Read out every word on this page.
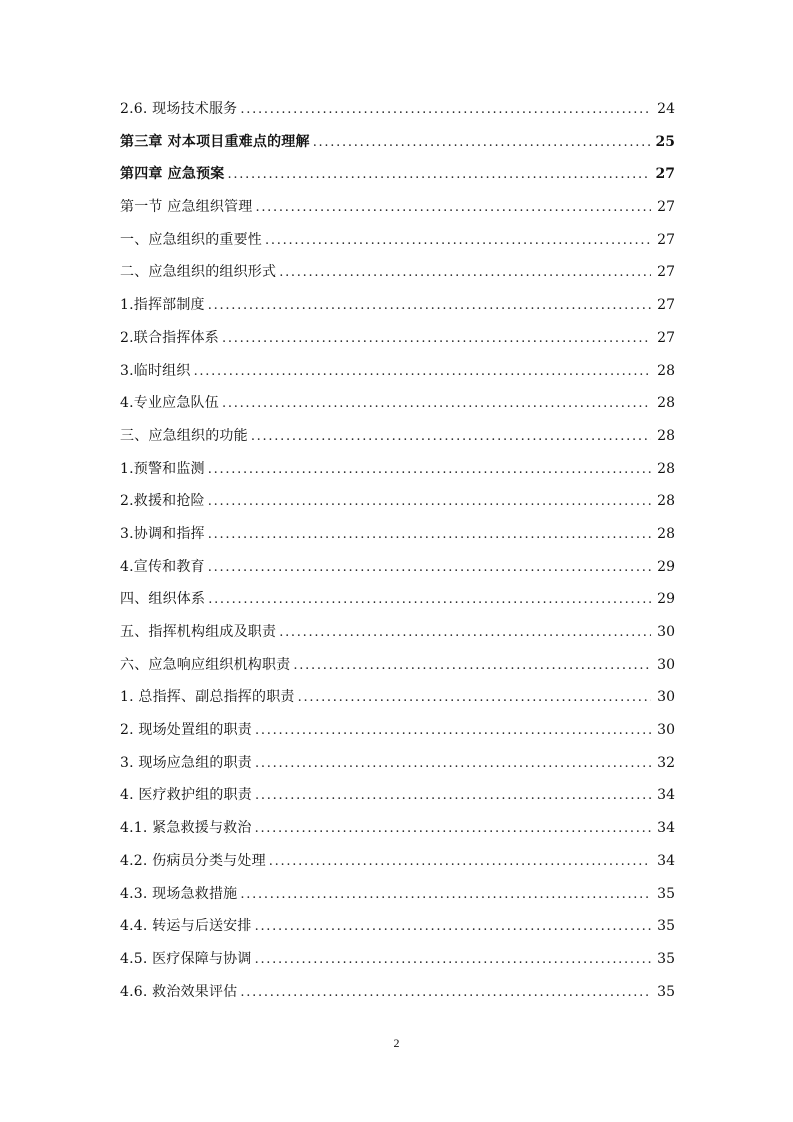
2.6. 现场技术服务 . . .	24
第三章 对本项目重难点的理解 . . .	25
第四章 应急预案 . . .	27
第一节 应急组织管理 . . .	27
一、应急组织的重要性 . . .	27
二、应急组织的组织形式 . . .	27
1.指挥部制度 . . .	27
2.联合指挥体系 . . .	27
3.临时组织 . . .	28
4.专业应急队伍 . . .	28
三、应急组织的功能 . . .	28
1.预警和监测 . . .	28
2.救援和抢险 . . .	28
3.协调和指挥 . . .	28
4.宣传和教育 . . .	29
四、组织体系 . . .	29
五、指挥机构组成及职责 . . .	30
六、应急响应组织机构职责 . . .	30
1. 总指挥、副总指挥的职责 . . .	30
2. 现场处置组的职责 . . .	30
3. 现场应急组的职责 . . .	32
4. 医疗救护组的职责 . . .	34
4.1. 紧急救援与救治 . . .	34
4.2. 伤病员分类与处理 . . .	34
4.3. 现场急救措施 . . .	35
4.4. 转运与后送安排 . . .	35
4.5. 医疗保障与协调 . . .	35
4.6. 救治效果评估 . . .	35
2
